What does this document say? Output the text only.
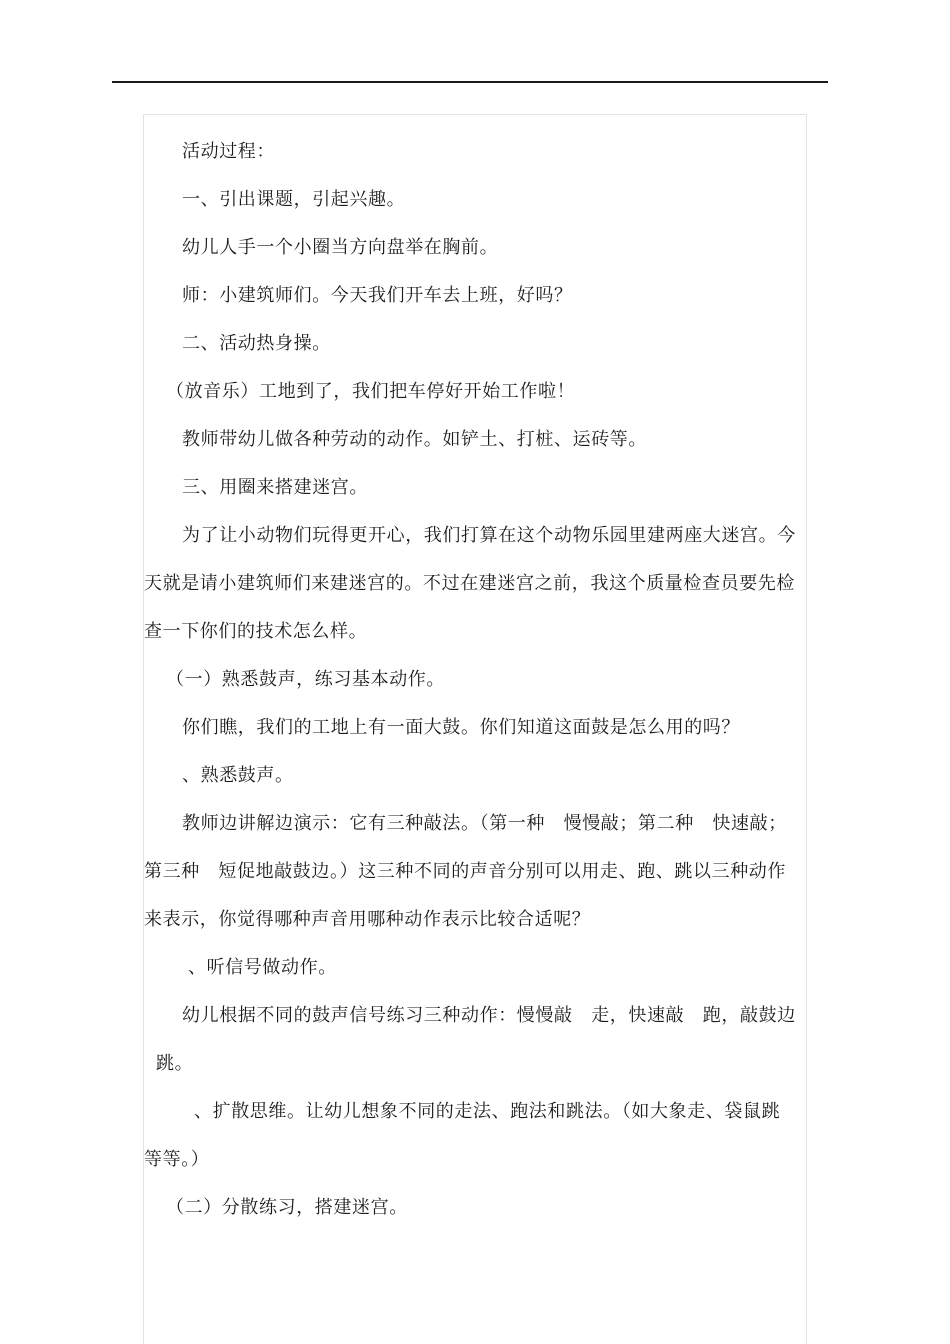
活动过程：

一、引出课题，引起兴趣。

幼儿人手一个小圈当方向盘举在胸前。

师：小建筑师们。今天我们开车去上班，好吗？

二、活动热身操。

（放音乐）工地到了，我们把车停好开始工作啦！

教师带幼儿做各种劳动的动作。如铲土、打桩、运砖等。

三、用圈来搭建迷宫。

为了让小动物们玩得更开心，我们打算在这个动物乐园里建两座大迷宫。今

天就是请小建筑师们来建迷宫的。不过在建迷宫之前，我这个质量检查员要先检

查一下你们的技术怎么样。

（一）熟悉鼓声，练习基本动作。

你们瞧，我们的工地上有一面大鼓。你们知道这面鼓是怎么用的吗？

、熟悉鼓声。

教师边讲解边演示：它有三种敲法。（第一种　慢慢敲；第二种　快速敲；

第三种　短促地敲鼓边。）这三种不同的声音分别可以用走、跑、跳以三种动作

来表示，你觉得哪种声音用哪种动作表示比较合适呢？

、听信号做动作。

幼儿根据不同的鼓声信号练习三种动作：慢慢敲　走，快速敲　跑，敲鼓边

跳。

、扩散思维。让幼儿想象不同的走法、跑法和跳法。（如大象走、袋鼠跳

等等。）

（二）分散练习，搭建迷宫。
